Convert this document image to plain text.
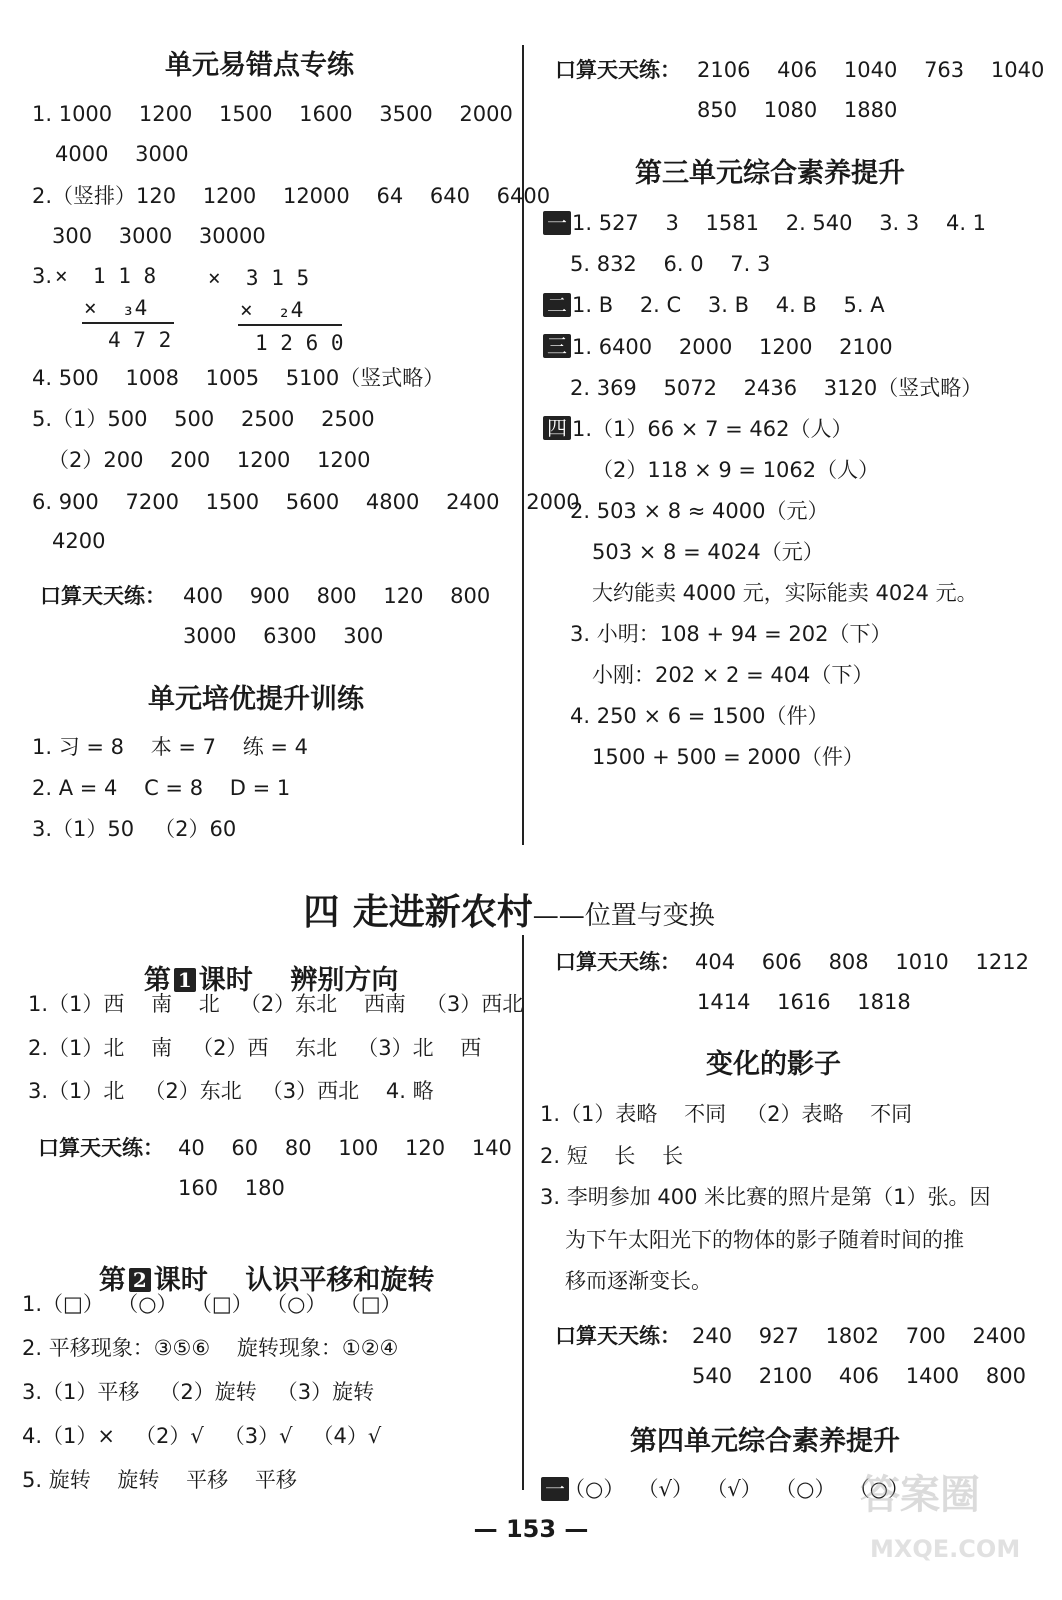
单元易错点专练
1. 1000    1200    1500    1600    3500    2000
4000    3000
2.（竖排）120    1200    12000    64    640    6400
300    3000    30000
3. ×  1 1 8
×  ₃4
4 7 2
×  3 1 5
×  ₂4
1 2 6 0
4. 500    1008    1005    5100（竖式略）
5.（1）500    500    2500    2500
（2）200    200    1200    1200
6. 900    7200    1500    5600    4800    2400    2000
4200
口算天天练： 400    900    800    120    800
3000    6300    300
单元培优提升训练
1. 习 = 8    本 = 7    练 = 4
2. A = 4    C = 8    D = 1
3.（1）50   （2）60
口算天天练： 2106    406    1040    763    1040
850    1080    1880
第三单元综合素养提升
一 1. 527    3    1581    2. 540    3. 3    4. 1
5. 832    6. 0    7. 3
二 1. B    2. C    3. B    4. B    5. A
三 1. 6400    2000    1200    2100
2. 369    5072    2436    3120（竖式略）
四 1.（1）66 × 7 = 462（人）
（2）118 × 9 = 1062（人）
2. 503 × 8 ≈ 4000（元）
503 × 8 = 4024（元）
大约能卖 4000 元，实际能卖 4024 元。
3. 小明：108 + 94 = 202（下）
小刚：202 × 2 = 404（下）
4. 250 × 6 = 1500（件）
1500 + 500 = 2000（件）

四 走进新农村——位置与变换

第 1 课时    辨别方向

1.（1）西    南    北   （2）东北    西南   （3）西北
2.（1）北    南   （2）西    东北   （3）北    西
3.（1）北   （2）东北   （3）西北    4. 略
口算天天练： 40    60    80    100    120    140
160    180

第 2 课时    认识平移和旋转

1.（□）  （○）  （□）  （○）  （□）
2. 平移现象：③⑤⑥    旋转现象：①②④
3.（1）平移   （2）旋转   （3）旋转
4.（1）×   （2）√   （3）√   （4）√
5. 旋转    旋转    平移    平移
口算天天练： 404    606    808    1010    1212
1414    1616    1818
变化的影子
1.（1）表略    不同   （2）表略    不同
2. 短    长    长
3. 李明参加 400 米比赛的照片是第（1）张。因
为下午太阳光下的物体的影子随着时间的推
移而逐渐变长。
口算天天练： 240    927    1802    700    2400
540    2100    406    1400    800
第四单元综合素养提升
一 （○）  （√）  （√）  （○）  （○）
— 153 —
答案圈
MXQE.COM
